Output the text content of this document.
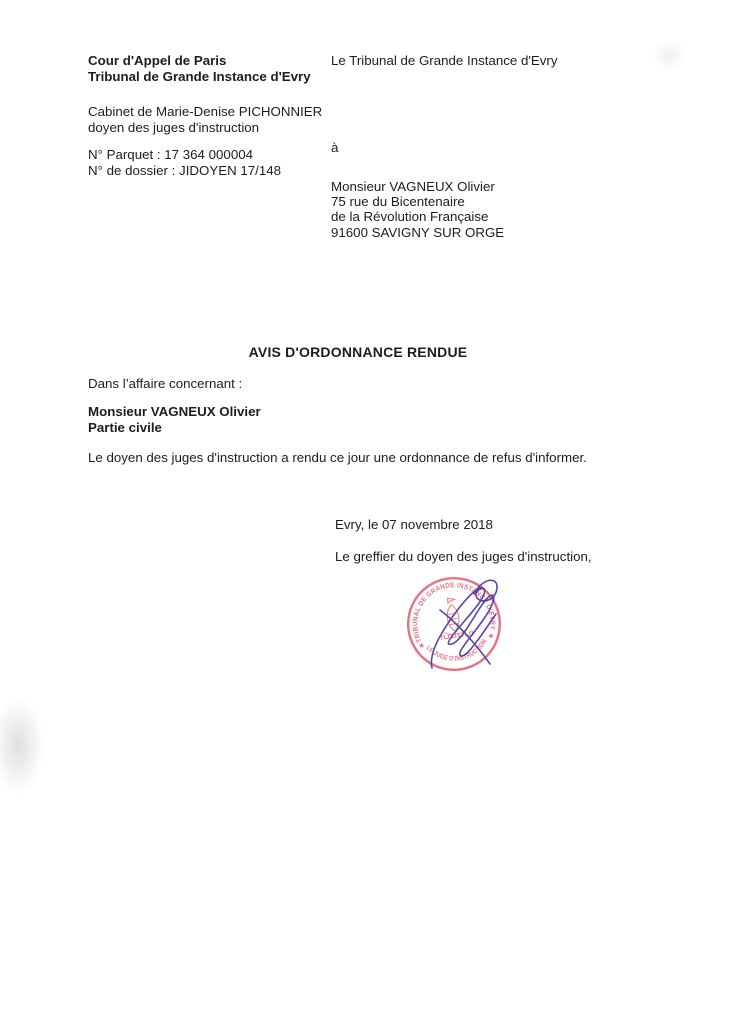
Cour d'Appel de Paris
Tribunal de Grande Instance d'Evry
Cabinet de Marie-Denise PICHONNIER
doyen des juges d'instruction
N° Parquet : 17 364 000004
N° de dossier : JIDOYEN 17/148
Le Tribunal de Grande Instance d'Evry
à
Monsieur VAGNEUX Olivier
75 rue du Bicentenaire
de la Révolution Française
91600 SAVIGNY SUR ORGE
AVIS D'ORDONNANCE RENDUE
Dans l’affaire concernant :
Monsieur VAGNEUX Olivier
Partie civile
Le doyen des juges d'instruction a rendu ce jour une ordonnance de refus d'informer.
Evry, le 07 novembre 2018
Le greffier du doyen des juges d'instruction,
TRIBUNAL DE GRANDE INSTANCE D'EVRY
LE JUGE D'INSTRUCTION
★
★
